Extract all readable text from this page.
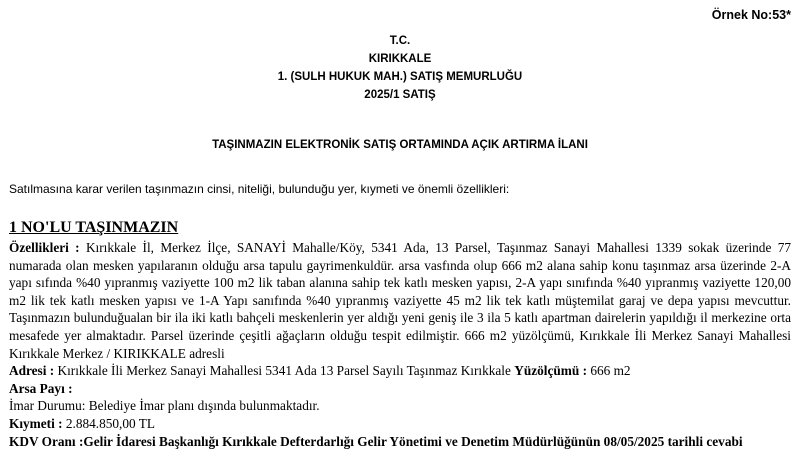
Örnek No:53*
T.C.
KIRIKKALE
1. (SULH HUKUK MAH.) SATIŞ MEMURLUĞU
2025/1 SATIŞ
TAŞINMAZIN ELEKTRONİK SATIŞ ORTAMINDA AÇIK ARTIRMA İLANI
Satılmasına karar verilen taşınmazın cinsi, niteliği, bulunduğu yer, kıymeti ve önemli özellikleri:
1 NO'LU TAŞINMAZIN

Özellikleri : Kırıkkale İl, Merkez İlçe, SANAYİ Mahalle/Köy, 5341 Ada, 13 Parsel, Taşınmaz Sanayi Mahallesi 1339 sokak üzerinde 77 numarada olan mesken yapılaranın olduğu arsa tapulu gayrimenkuldür. arsa vasfında olup 666 m2 alana sahip konu taşınmaz arsa üzerinde 2-A yapı sıfında %40 yıpranmış vaziyette 100 m2 lik taban alanına sahip tek katlı mesken yapısı, 2-A yapı sınıfında %40 yıpranmış vaziyette 120,00 m2 lik tek katlı mesken yapısı ve 1-A Yapı sanıfında %40 yıpranmış vaziyette 45 m2 lik tek katlı müştemilat garaj ve depa yapısı mevcuttur. Taşınmazın bulunduğualan bir ila iki katlı bahçeli meskenlerin yer aldığı yeni geniş ile 3 ila 5 katlı apartman dairelerin yapıldığı il merkezine orta mesafede yer almaktadır. Parsel üzerinde çeşitli ağaçların olduğu tespit edilmiştir. 666 m2 yüzölçümü, Kırıkkale İli Merkez Sanayi Mahallesi Kırıkkale Merkez / KIRIKKALE adresli

Adresi : Kırıkkale İli Merkez Sanayi Mahallesi 5341 Ada 13 Parsel Sayılı Taşınmaz Kırıkkale Yüzölçümü : 666 m2

Arsa Payı :

İmar Durumu: Belediye İmar planı dışında bulunmaktadır.

Kıymeti : 2.884.850,00 TL

KDV Oranı :Gelir İdaresi Başkanlığı Kırıkkale Defterdarlığı Gelir Yönetimi ve Denetim Müdürlüğünün 08/05/2025 tarihli cevabi
